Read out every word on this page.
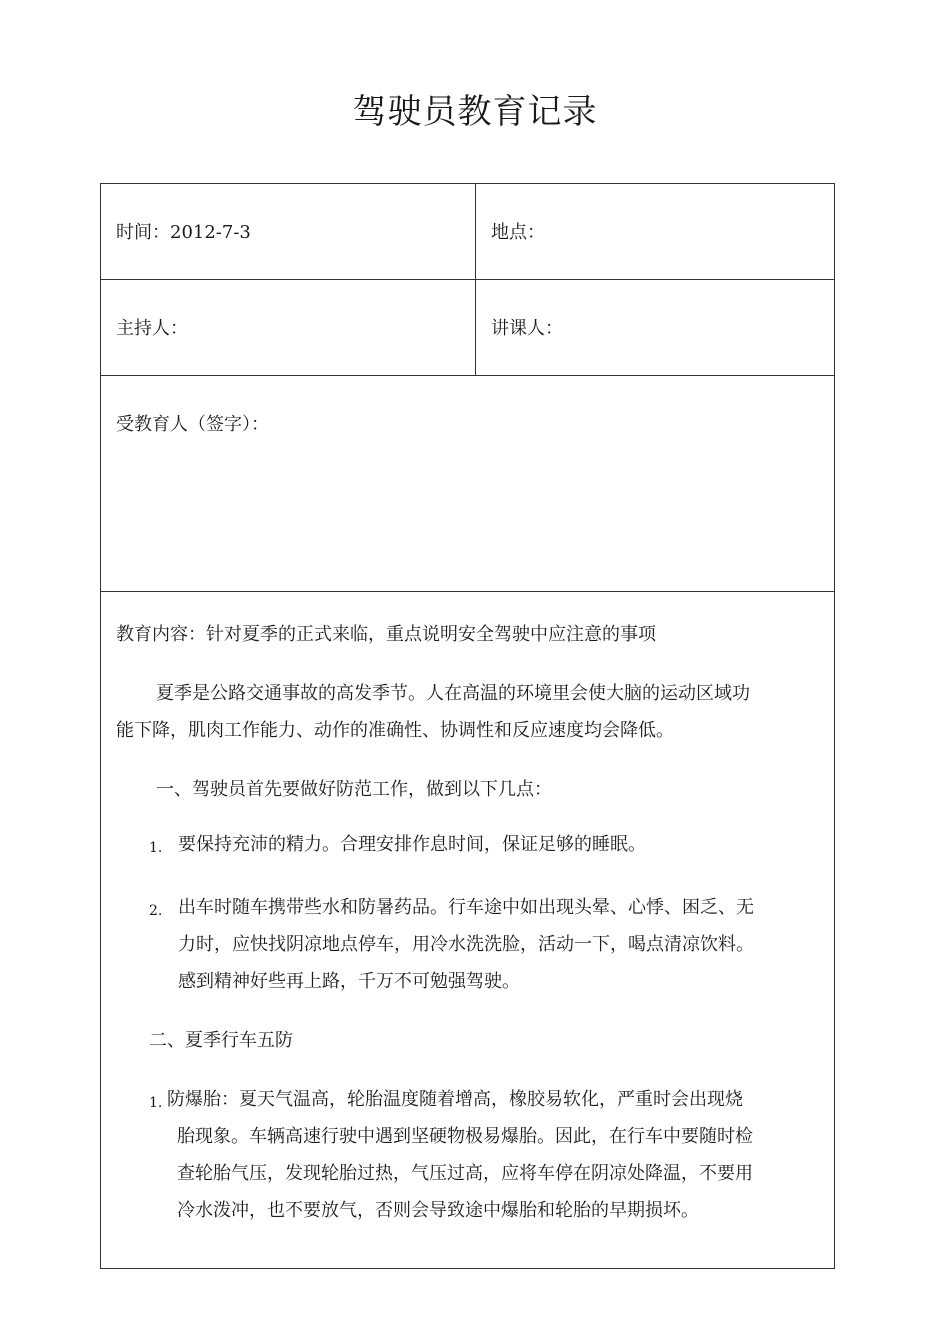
驾驶员教育记录
时间：2012-7-3	地点：
主持人：	讲课人：
受教育人（签字）：
教育内容：针对夏季的正式来临，重点说明安全驾驶中应注意的事项
夏季是公路交通事故的高发季节。人在高温的环境里会使大脑的运动区域功
能下降，肌肉工作能力、动作的准确性、协调性和反应速度均会降低。
一、驾驶员首先要做好防范工作，做到以下几点：
1. 要保持充沛的精力。合理安排作息时间，保证足够的睡眠。
2. 出车时随车携带些水和防暑药品。行车途中如出现头晕、心悸、困乏、无
力时，应快找阴凉地点停车，用冷水洗洗脸，活动一下，喝点清凉饮料。
感到精神好些再上路，千万不可勉强驾驶。
二、夏季行车五防
1. 防爆胎：夏天气温高，轮胎温度随着增高，橡胶易软化，严重时会出现烧
胎现象。车辆高速行驶中遇到坚硬物极易爆胎。因此，在行车中要随时检
查轮胎气压，发现轮胎过热，气压过高，应将车停在阴凉处降温，不要用
冷水泼冲，也不要放气，否则会导致途中爆胎和轮胎的早期损坏。
